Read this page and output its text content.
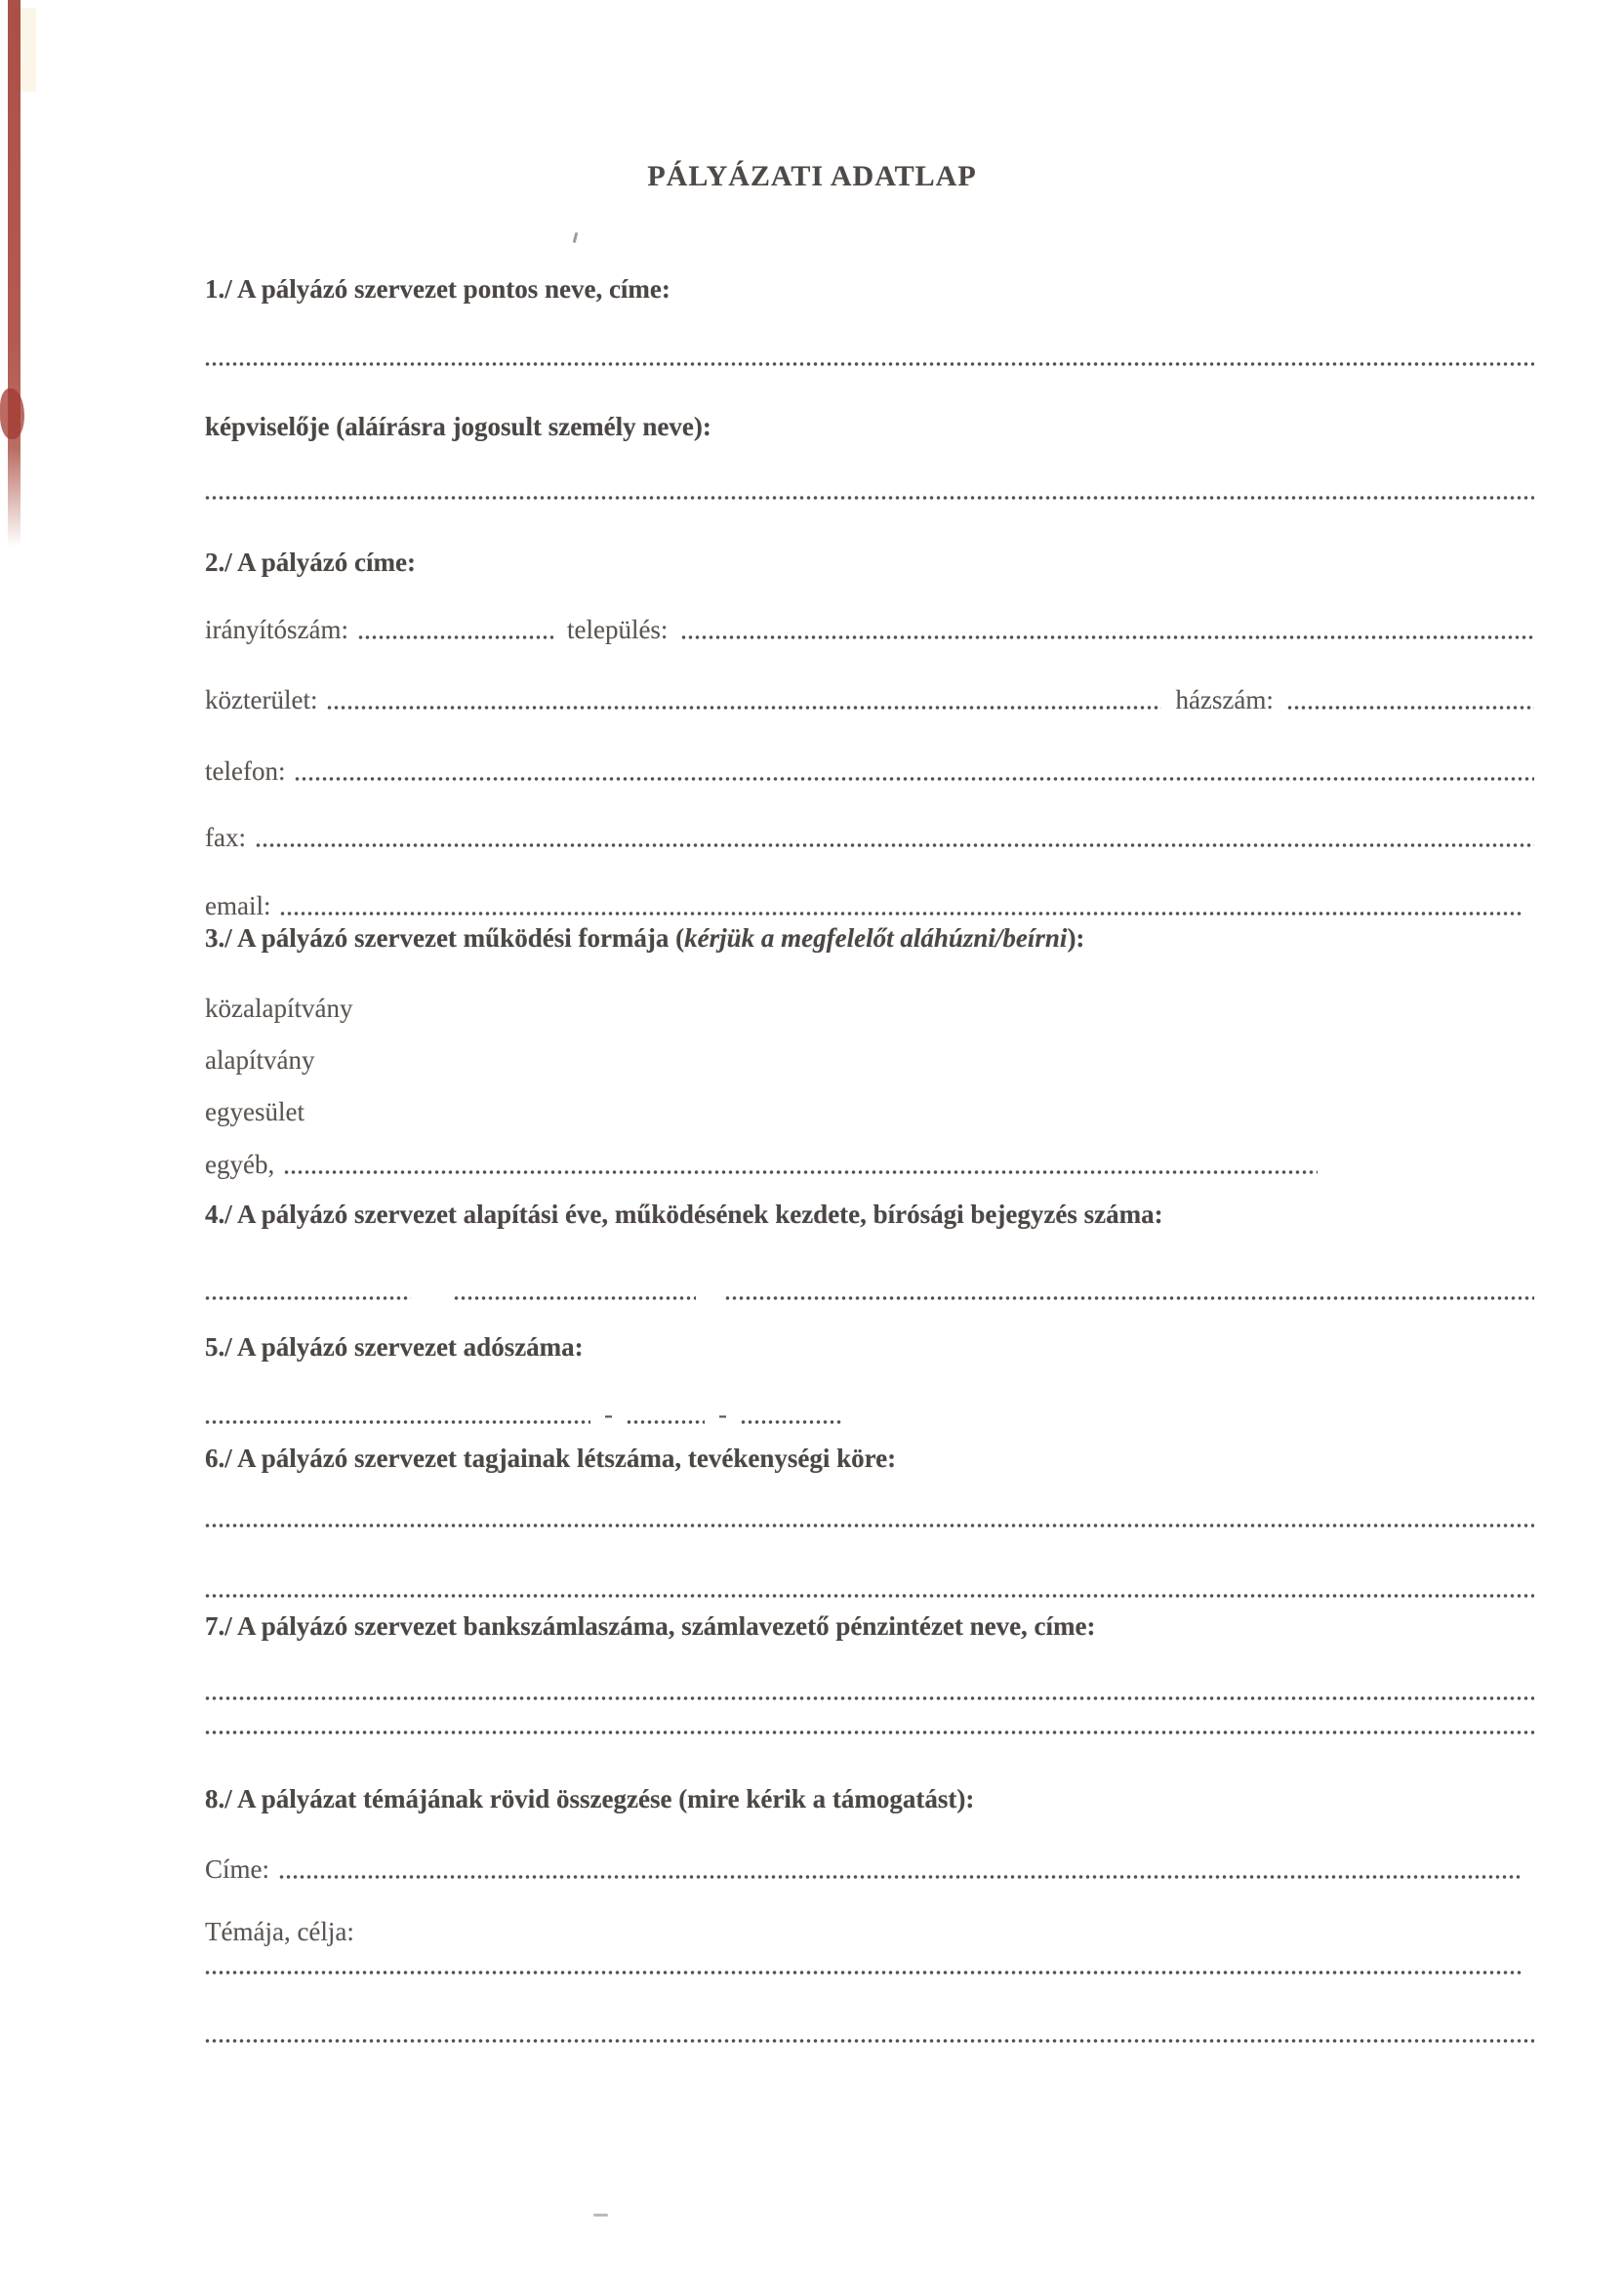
PÁLYÁZATI ADATLAP

1./ A pályázó szervezet pontos neve, címe:

képviselője (aláírásra jogosult személy neve):

2./ A pályázó címe:

irányítószám:	település:
közterület:	házszám:
telefon:
fax:
email:

3./ A pályázó szervezet működési formája (kérjük a megfelelőt aláhúzni/beírni):

közalapítvány

alapítvány

egyesület

egyéb,

4./ A pályázó szervezet alapítási éve, működésének kezdete, bírósági bejegyzés száma:

5./ A pályázó szervezet adószáma:

-	-

6./ A pályázó szervezet tagjainak létszáma, tevékenységi köre:

7./ A pályázó szervezet bankszámlaszáma, számlavezető pénzintézet neve, címe:

8./ A pályázat témájának rövid összegzése (mire kérik a támogatást):

Címe:

Témája, célja:
